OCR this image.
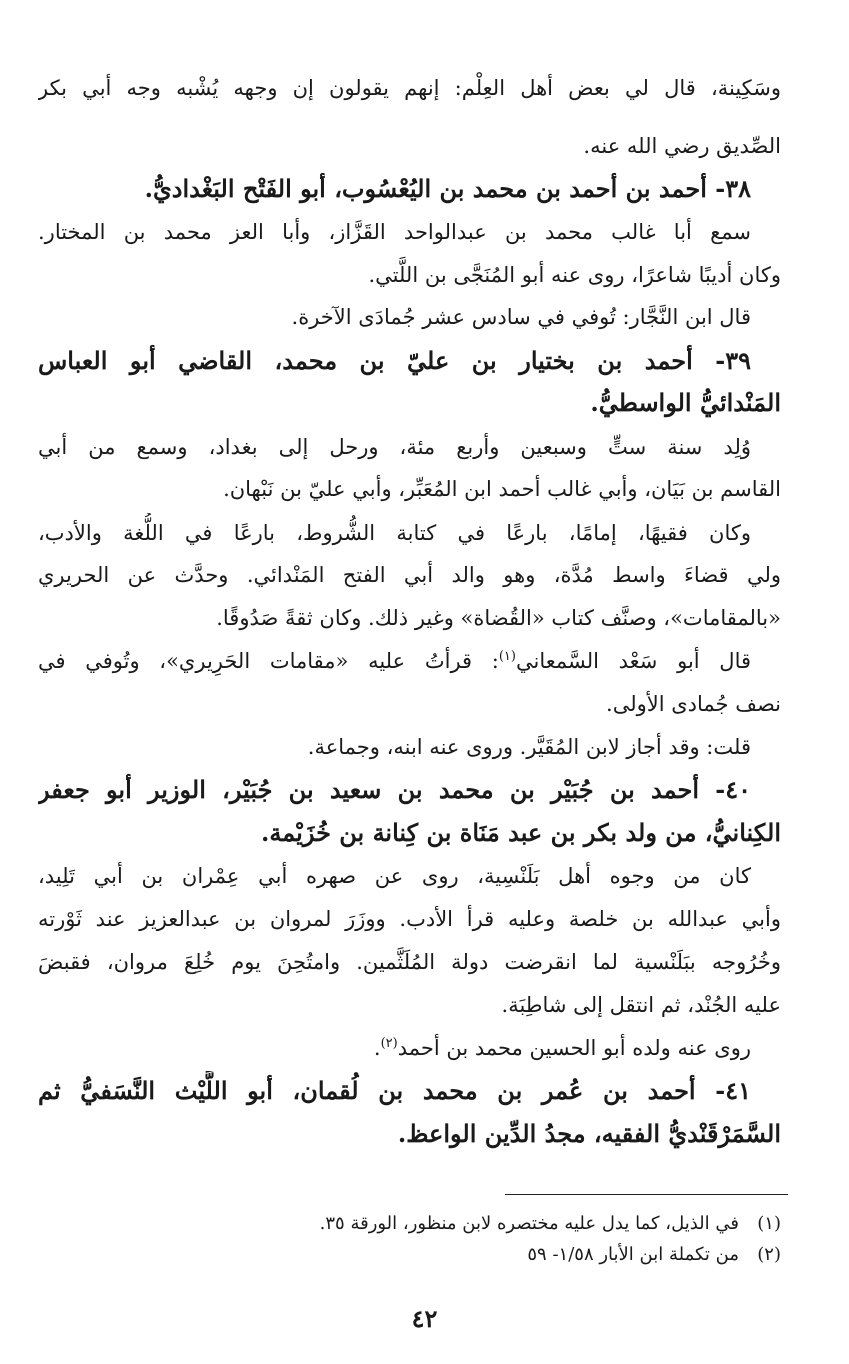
وسَكِينة، قال لي بعض أهل العِلْم: إنهم يقولون إن وجهه يُشْبه وجه أبي بكر
الصِّديق رضي الله عنه.
٣٨- أحمد بن أحمد بن محمد بن اليُعْسُوب، أبو الفَتْح البَغْداديُّ.
سمع أبا غالب محمد بن عبدالواحد القَزَّاز، وأبا العز محمد بن المختار.
وكان أديبًا شاعرًا، روى عنه أبو المُنَجَّى بن اللَّتي.
قال ابن النَّجَّار: تُوفي في سادس عشر جُمادَى الآخرة.
٣٩- أحمد بن بختيار بن عليّ بن محمد، القاضي أبو العباس
المَنْدائيُّ الواسطيُّ.
وُلِد سنة ستٍّ وسبعين وأربع مئة، ورحل إلى بغداد، وسمع من أبي
القاسم بن بَيَان، وأبي غالب أحمد ابن المُعَبِّر، وأبي عليّ بن نَبْهان.
وكان فقيهًا، إمامًا، بارعًا في كتابة الشُّروط، بارعًا في اللُّغة والأدب،
ولي قضاءَ واسط مُدَّة، وهو والد أبي الفتح المَنْدائي. وحدَّث عن الحريري
«بالمقامات»، وصنَّف كتاب «القُضاة» وغير ذلك. وكان ثقةً صَدُوقًا.
قال أبو سَعْد السَّمعاني$^{(١)}$: قرأتُ عليه «مقامات الحَرِيري»، وتُوفي في
نصف جُمادى الأولى.
قلت: وقد أجاز لابن المُقَيَّر. وروى عنه ابنه، وجماعة.
٤٠- أحمد بن جُبَيْر بن محمد بن سعيد بن جُبَيْر، الوزير أبو جعفر
الكِنانيُّ، من ولد بكر بن عبد مَنَاة بن كِنانة بن خُزَيْمة.
كان من وجوه أهل بَلَنْسِية، روى عن صهره أبي عِمْران بن أبي تَلِيد،
وأبي عبدالله بن خلصة وعليه قرأ الأدب. ووزَرَ لمروان بن عبدالعزيز عند ثَوْرته
وخُرُوجه ببَلَنْسية لما انقرضت دولة المُلَثَّمين. وامتُحِنَ يوم خُلِعَ مروان، فقبضَ
عليه الجُنْد، ثم انتقل إلى شاطِبَة.
روى عنه ولده أبو الحسين محمد بن أحمد$^{(٢)}$.
٤١- أحمد بن عُمر بن محمد بن لُقمان، أبو اللَّيْث النَّسَفيُّ ثم
السَّمَرْقَنْديُّ الفقيه، مجدُ الدِّين الواعظ.
(١)في الذيل، كما يدل عليه مختصره لابن منظور، الورقة ٣٥.
(٢)من تكملة ابن الأبار ١/٥٨- ٥٩
٤٢
